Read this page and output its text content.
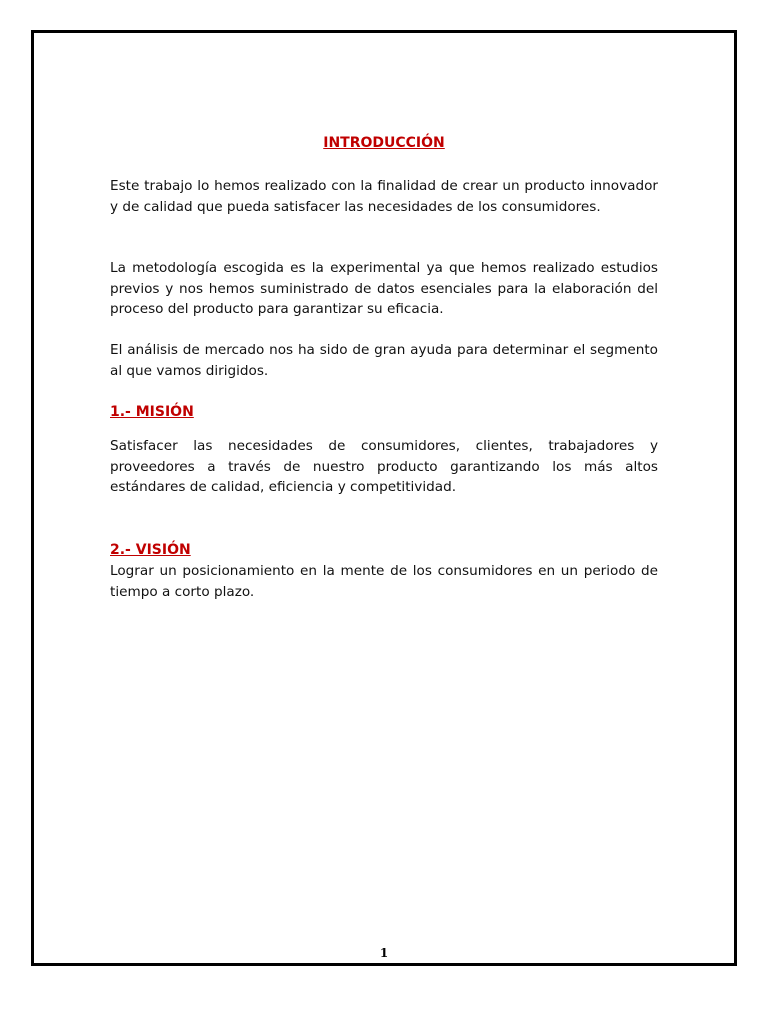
INTRODUCCIÓN

Este trabajo lo hemos realizado con la finalidad de crear un producto innovador y de calidad que pueda satisfacer las necesidades de los consumidores.

La metodología escogida es la experimental ya que hemos realizado estudios previos y nos hemos suministrado de datos esenciales para la elaboración del proceso del producto para garantizar su eficacia.

El análisis de mercado nos ha sido de gran ayuda para determinar el segmento al que vamos dirigidos.

1.- MISIÓN

Satisfacer las necesidades de consumidores, clientes, trabajadores y proveedores a través de nuestro producto garantizando los más altos estándares de calidad, eficiencia y competitividad.

2.- VISIÓN

Lograr un posicionamiento en la mente de los consumidores en un periodo de tiempo a corto plazo.

1
